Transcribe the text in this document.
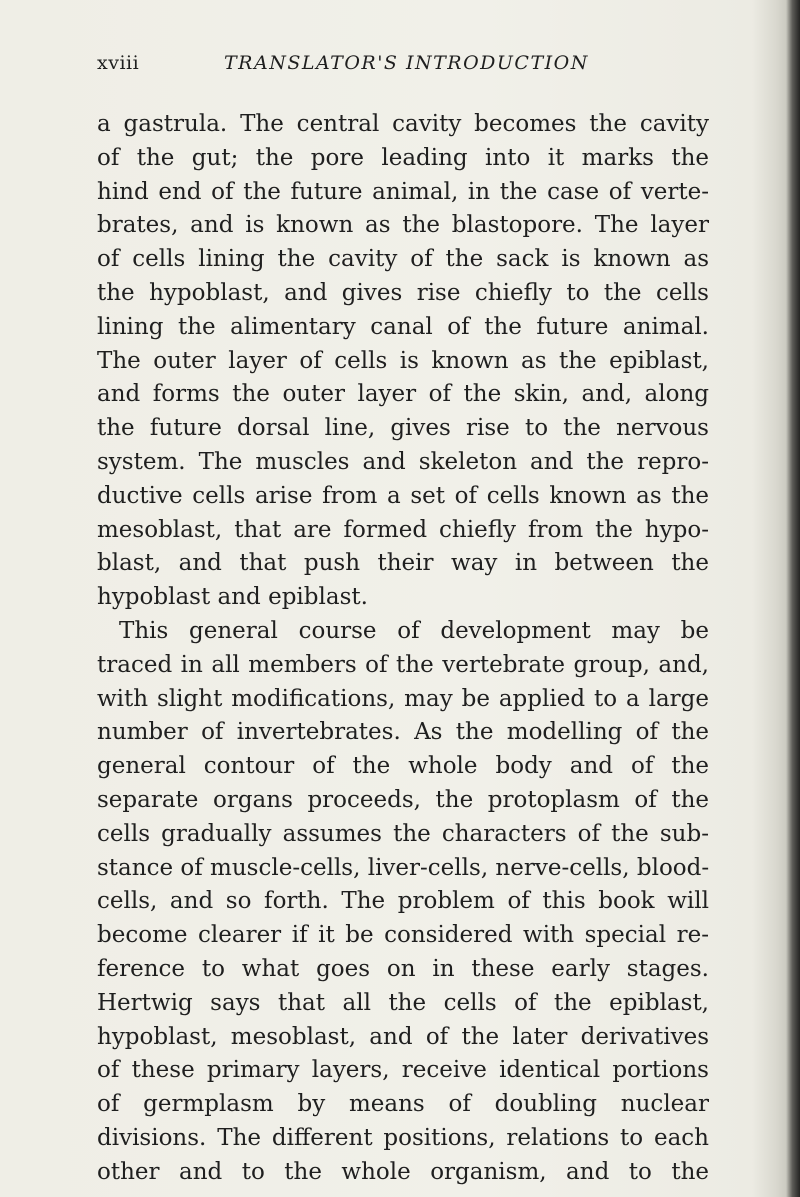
xviii	TRANSLATOR'S INTRODUCTION
a gastrula. The central cavity becomes the cavity
of the gut; the pore leading into it marks the
hind end of the future animal, in the case of verte-
brates, and is known as the blastopore. The layer
of cells lining the cavity of the sack is known as
the hypoblast, and gives rise chiefly to the cells
lining the alimentary canal of the future animal.
The outer layer of cells is known as the epiblast,
and forms the outer layer of the skin, and, along
the future dorsal line, gives rise to the nervous
system. The muscles and skeleton and the repro-
ductive cells arise from a set of cells known as the
mesoblast, that are formed chiefly from the hypo-
blast, and that push their way in between the
hypoblast and epiblast.
This general course of development may be
traced in all members of the vertebrate group, and,
with slight modifications, may be applied to a large
number of invertebrates. As the modelling of the
general contour of the whole body and of the
separate organs proceeds, the protoplasm of the
cells gradually assumes the characters of the sub-
stance of muscle-cells, liver-cells, nerve-cells, blood-
cells, and so forth. The problem of this book will
become clearer if it be considered with special re-
ference to what goes on in these early stages.
Hertwig says that all the cells of the epiblast,
hypoblast, mesoblast, and of the later derivatives
of these primary layers, receive identical portions
of germplasm by means of doubling nuclear
divisions. The different positions, relations to each
other and to the whole organism, and to the
